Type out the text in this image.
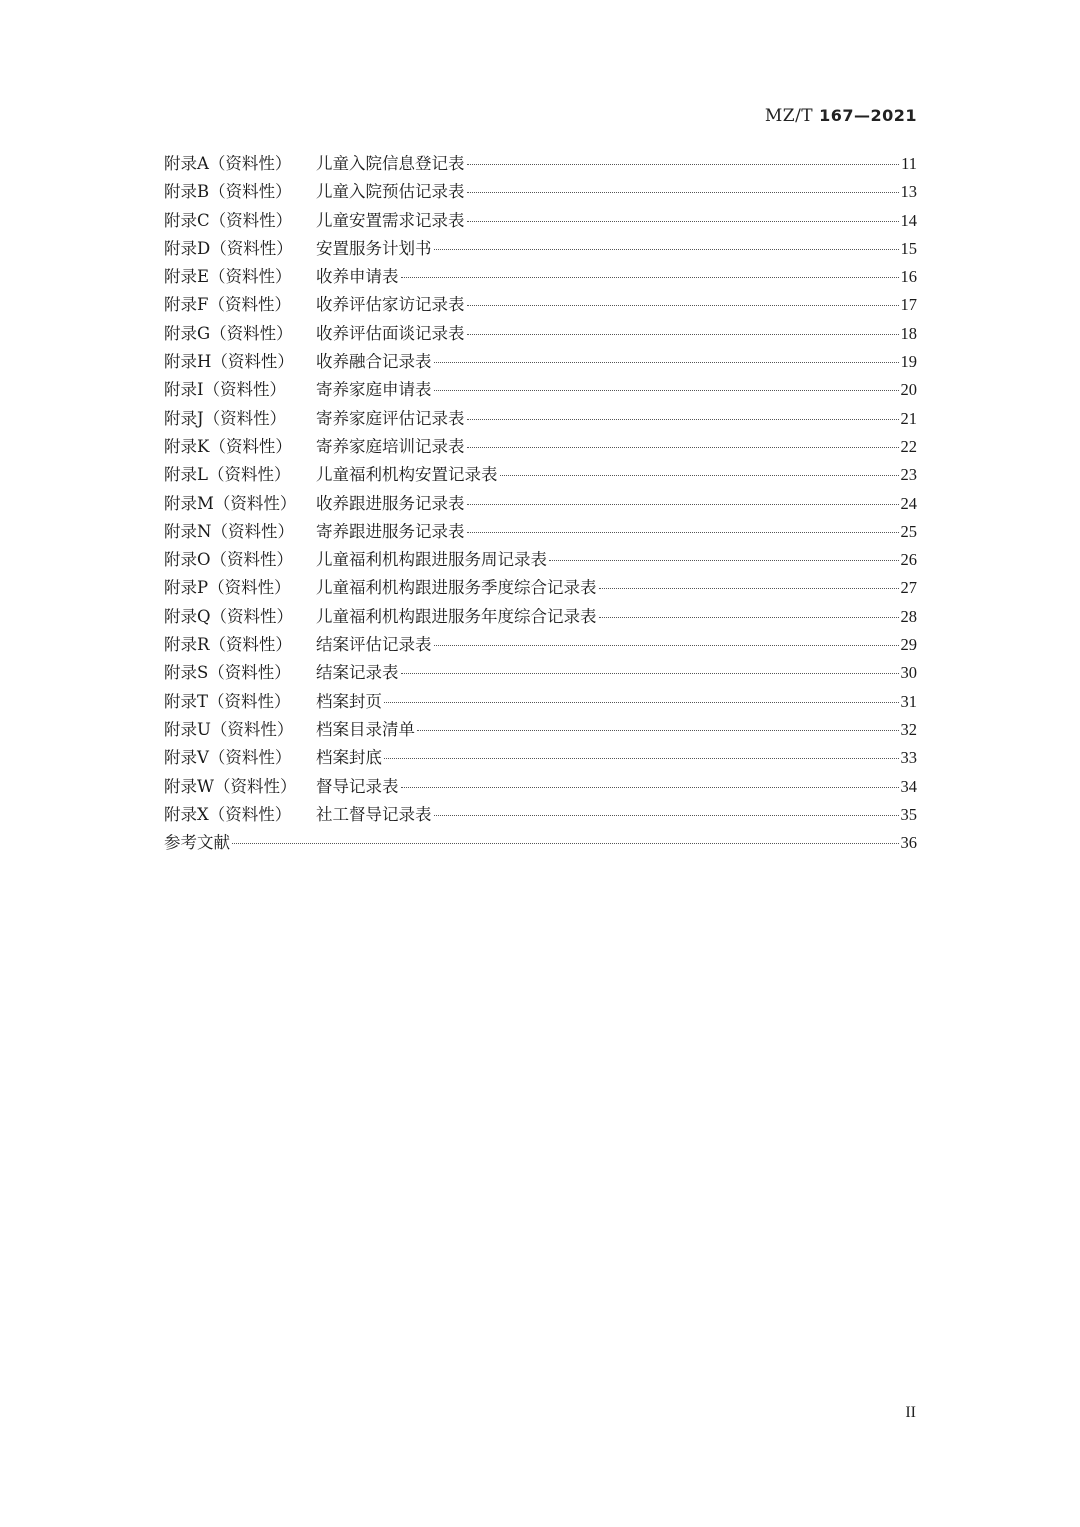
MZ/T 167—2021
附录A（资料性）	儿童入院信息登记表	11
附录B（资料性）	儿童入院预估记录表	13
附录C（资料性）	儿童安置需求记录表	14
附录D（资料性）	安置服务计划书	15
附录E（资料性）	收养申请表	16
附录F（资料性）	收养评估家访记录表	17
附录G（资料性）	收养评估面谈记录表	18
附录H（资料性）	收养融合记录表	19
附录I（资料性）	寄养家庭申请表	20
附录J（资料性）	寄养家庭评估记录表	21
附录K（资料性）	寄养家庭培训记录表	22
附录L（资料性）	儿童福利机构安置记录表	23
附录M（资料性）	收养跟进服务记录表	24
附录N（资料性）	寄养跟进服务记录表	25
附录O（资料性）	儿童福利机构跟进服务周记录表	26
附录P（资料性）	儿童福利机构跟进服务季度综合记录表	27
附录Q（资料性）	儿童福利机构跟进服务年度综合记录表	28
附录R（资料性）	结案评估记录表	29
附录S（资料性）	结案记录表	30
附录T（资料性）	档案封页	31
附录U（资料性）	档案目录清单	32
附录V（资料性）	档案封底	33
附录W（资料性）	督导记录表	34
附录X（资料性）	社工督导记录表	35
参考文献	36
II
